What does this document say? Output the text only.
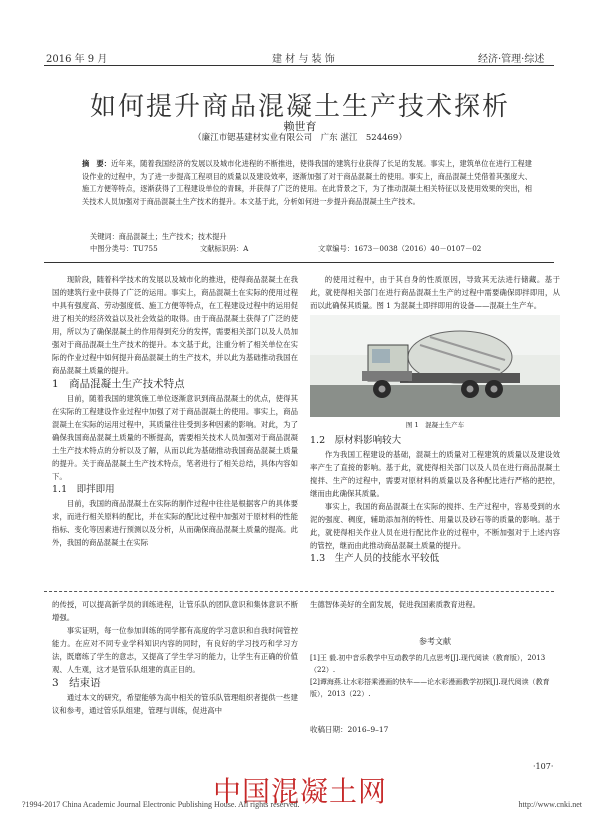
2016 年 9 月	建 材 与 装 饰	经济·管理·综述
如何提升商品混凝土生产技术探析
赖世育
（廉江市锶基建材实业有限公司　广东 湛江　524469）
摘　要：近年来，随着我国经济的发展以及城市化进程的不断推进，使得我国的建筑行业获得了长足的发展。事实上，建筑单位在进行工程建设作业的过程中，为了进一步提高工程项目的质量以及建设效率，逐渐加强了对于商品混凝土的使用。事实上，商品混凝土凭借着其强度大、施工方便等特点，逐渐获得了工程建设单位的青睐，并获得了广泛的使用。在此背景之下，为了推动混凝土相关特征以及使用效果的突出，相关技术人员加强对于商品混凝土生产技术的提升。本文基于此，分析如何进一步提升商品混凝土生产技术。
关键词：商品混凝土；生产技术；技术提升
中图分类号：TU755	文献标识码：A	文章编号：1673－0038（2016）40－0107－02

现阶段，随着科学技术的发展以及城市化的推进，使得商品混凝土在我国的建筑行业中获得了广泛的运用。事实上，商品混凝土在实际的使用过程中具有强度高、劳动强度低、施工方便等特点，在工程建设过程中的运用促进了相关的经济效益以及社会效益的取得。由于商品混凝土获得了广泛的使用，所以为了确保混凝土的作用得到充分的发挥，需要相关部门以及人员加强对于商品混凝土生产技术的提升。本文基于此，注重分析了相关单位在实际的作业过程中如何提升商品混凝土的生产技术，并以此为基础推动我国在商品混凝土质量的提升。

1　商品混凝土生产技术特点

目前，随着我国的建筑施工单位逐渐意识到商品混凝土的优点，使得其在实际的工程建设作业过程中加强了对于商品混凝土的使用。事实上，商品混凝土在实际的运用过程中，其质量往往受到多种因素的影响。对此，为了确保我国商品混凝土质量的不断提高，需要相关技术人员加强对于商品混凝土生产技术特点的分析以及了解，从而以此为基础推动我国商品混凝土质量的提升。关于商品混凝土生产技术特点，笔者进行了相关总结，具体内容如下。

1.1　即拌即用

目前，我国的商品混凝土在实际的制作过程中往往是根据客户的具体要求，而进行相关原料的配比，并在实际的配比过程中加强对于原材料的性能指标、变化等因素进行预测以及分析，从而确保商品混凝土质量的提高。此外，我国的商品混凝土在实际

的使用过程中，由于其自身的性质原因，导致其无法进行储藏。基于此，就使得相关部门在进行商品混凝土生产的过程中需要确保即拌即用，从而以此确保其质量。图 1 为混凝土即拌即用的设备——混凝土生产车。

图 1　混凝土生产车
1.2　原材料影响较大

作为我国工程建设的基础，混凝土的质量对工程建筑的质量以及建设效率产生了直接的影响。基于此，就使得相关部门以及人员在进行商品混凝土搅拌、生产的过程中，需要对原材料的质量以及各种配比进行严格的把控，继而由此确保其质量。

事实上，我国的商品混凝土在实际的搅拌、生产过程中，容易受到的水泥的强度、稠度，辅助添加剂的特性、用量以及砂石等的质量的影响。基于此，就使得相关作业人员在进行配比作业的过程中，不断加强对于上述内容的管控，继而由此推动商品混凝土质量的提升。

1.3　生产人员的技能水平较低

的传授，可以提高新学员的训练进程，让管乐队的团队意识和集体意识不断增强。

事实证明，每一位参加训练的同学都有高度的学习意识和自我时间管控能力。在应对不同专业学科知识内容的同时，有良好的学习技巧和学习方法，既磨练了学生的意志，又提高了学生学习的能力，让学生有正确的价值观、人生观，这才是管乐队组建的真正目的。

3　结束语

通过本文的研究，希望能够为高中相关的管乐队管理组织者提供一些建议和参考，通过管乐队组建，管理与训练，促进高中

生德智体美好的全面发展，促进我国素质教育进程。

参考文献
[1]王 毅.初中音乐教学中互动教学的几点思考[J].现代阅读（教育版），2013（22）.
[2]谭海燕.让水彩搭乘漫画的快车——论水彩漫画教学初探[J].现代阅读（教育版），2013（22）.
收稿日期：2016–9–17
·107·
中国混凝土网
?1994-2017 China Academic Journal Electronic Publishing House. All rights reserved.	http://www.cnki.net
